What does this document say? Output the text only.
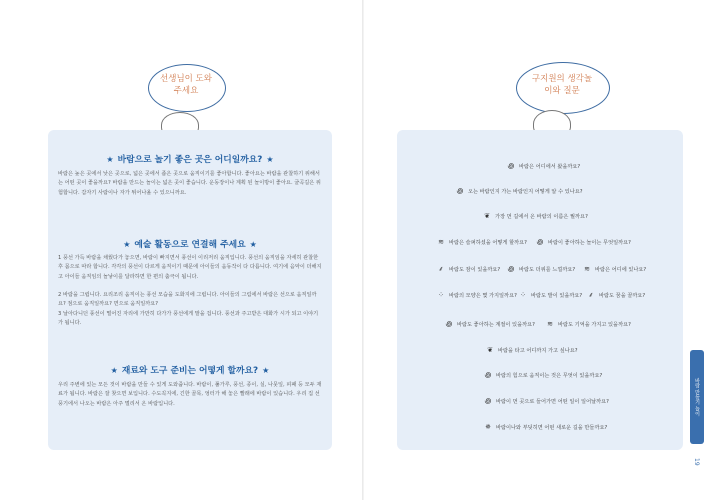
선생님이 도와주세요
구지원의 생각놀이와 질문
★ 바람으로 놀기 좋은 곳은 어디일까요? ★
바람은 높은 곳에서 낮은 곳으로, 넓은 곳에서 좁은 곳으로 움직이기를 좋아합니다. 좋아요는 바람을 관찰하기 위해서는 어떤 곳이 좋을까요? 바람을 만드는 놀이는 넓은 곳이 좋습니다. 운동장이나 계획 된 놀이방이 좋아요. 굴곡길은 위험합니다. 갑자기 사람이나 자가 튀어나올 수 있으니까요.
★ 예술 활동으로 연결해 주세요 ★
1 풍선 가득 바람을 채웠다가 놓으면, 바람이 빠지면서 풍선이 이리저리 움직입니다. 풍선의 움직임을 자세히 관찰한 후 몸으로 따라 합니다. 각각의 풍선이 다르게 움직이기 때문에 아이들의 움동작이 다 다릅니다. 여기에 음악이 더해지고 아이들 움직임의 놀낳이를 달라하면 한 편의 춤극이 됩니다.
2 바람을 그립니다. 요리조리 움직이는 풍선 모습을 도화지에 그립니다. 아이들의 그림에서 바람은 선으로 움직일까요? 점으로 움직일까요? 면으로 움직일까요?
3 날아다니던 풍선이 떨어진 자리에 가만히 다가가 풍선에게 말을 겁니다. 풍선과 주고받은 대화가 시가 되고 이야기가 됩니다.
★ 재료와 도구 준비는 어떻게 할까요? ★
우리 주변에 있는 모든 것이 바람을 만들 수 있게 도와줍니다. 바람이, 풀가루, 풍선, 종이, 실, 나뭇잎, 피패 등 모두 재료가 됩니다. 바람은 잘 찾으면 보입니다. 수도꼭지에, 긴한 골목, 엉터가 해 놓은 빨래에 바람이 있습니다. 우리 집 선풍기에서 나오는 바람은 아주 멀리서 온 바람입니다.
꩜ 바람은 어디에서 왔을까요?
꩜ 오는 바람인지 가는 바람인지 어떻게 알 수 있나요?
❦ 가장 먼 길에서 온 바람의 이름은 뭘까요?
≋ 바람은 슬퍼하셨을 어떻게 할까요? ꩜ 바람이 좋아하는 놀이는 무엇일까요?
⸙	바람도 잠이 있을까요? ꩜ 바람도 더위를 느낄까요? ≋ 바람은 어디에 있나요?
⁘ 바람의 모양은 몇 가지일까요? ⁘ 바람도 발이 있을까요? ⸙	바람도 꿈을 꿀까요?
꩜ 바람도 좋아하는 계절이 있을까요? ≋ 바람도 기억을 가지고 있을까요?
❦ 바람을 타고 어디까지 가고 싶나요?
꩜ 바람의 힘으로 움직이는 것은 무엇이 있을까요?
꩜ 바람이 먼 곳으로 들어가면 어떤 일이 일어날까요?
✵ 바람이나와 부딪히면 어떤 새로운 길을 만들까요?
바람 만들기 놀이
19
